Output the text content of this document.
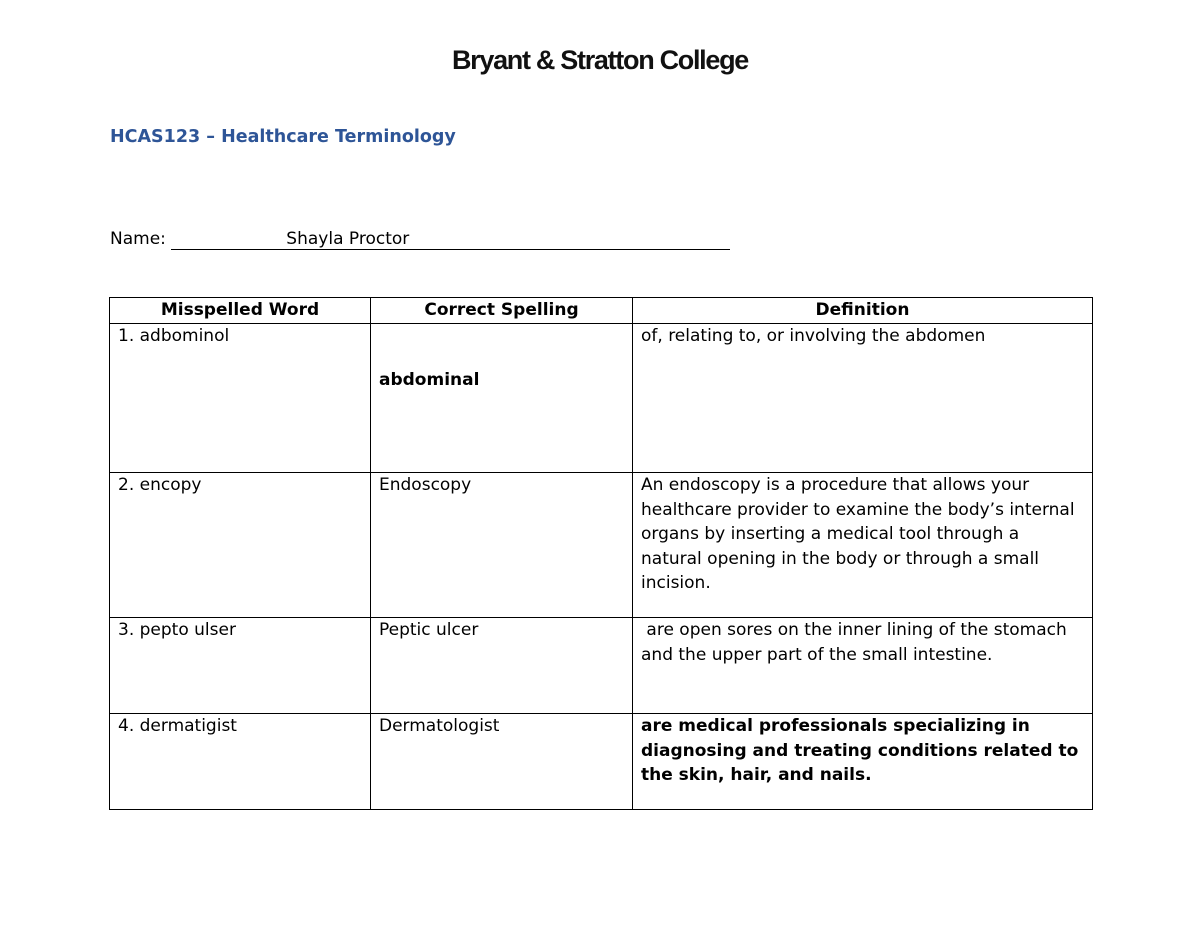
Bryant & Stratton College
HCAS123 – Healthcare Terminology
Name:	Shayla Proctor
Misspelled Word	Correct Spelling	Definition
1. adbominol	abdominal	of, relating to, or involving the abdomen
2. encopy	Endoscopy	An endoscopy is a procedure that allows your healthcare provider to examine the body’s internal organs by inserting a medical tool through a natural opening in the body or through a small incision.
3. pepto ulser	Peptic ulcer	are open sores on the inner lining of the stomach and the upper part of the small intestine.
4. dermatigist	Dermatologist	are medical professionals specializing in diagnosing and treating conditions related to the skin, hair, and nails.
